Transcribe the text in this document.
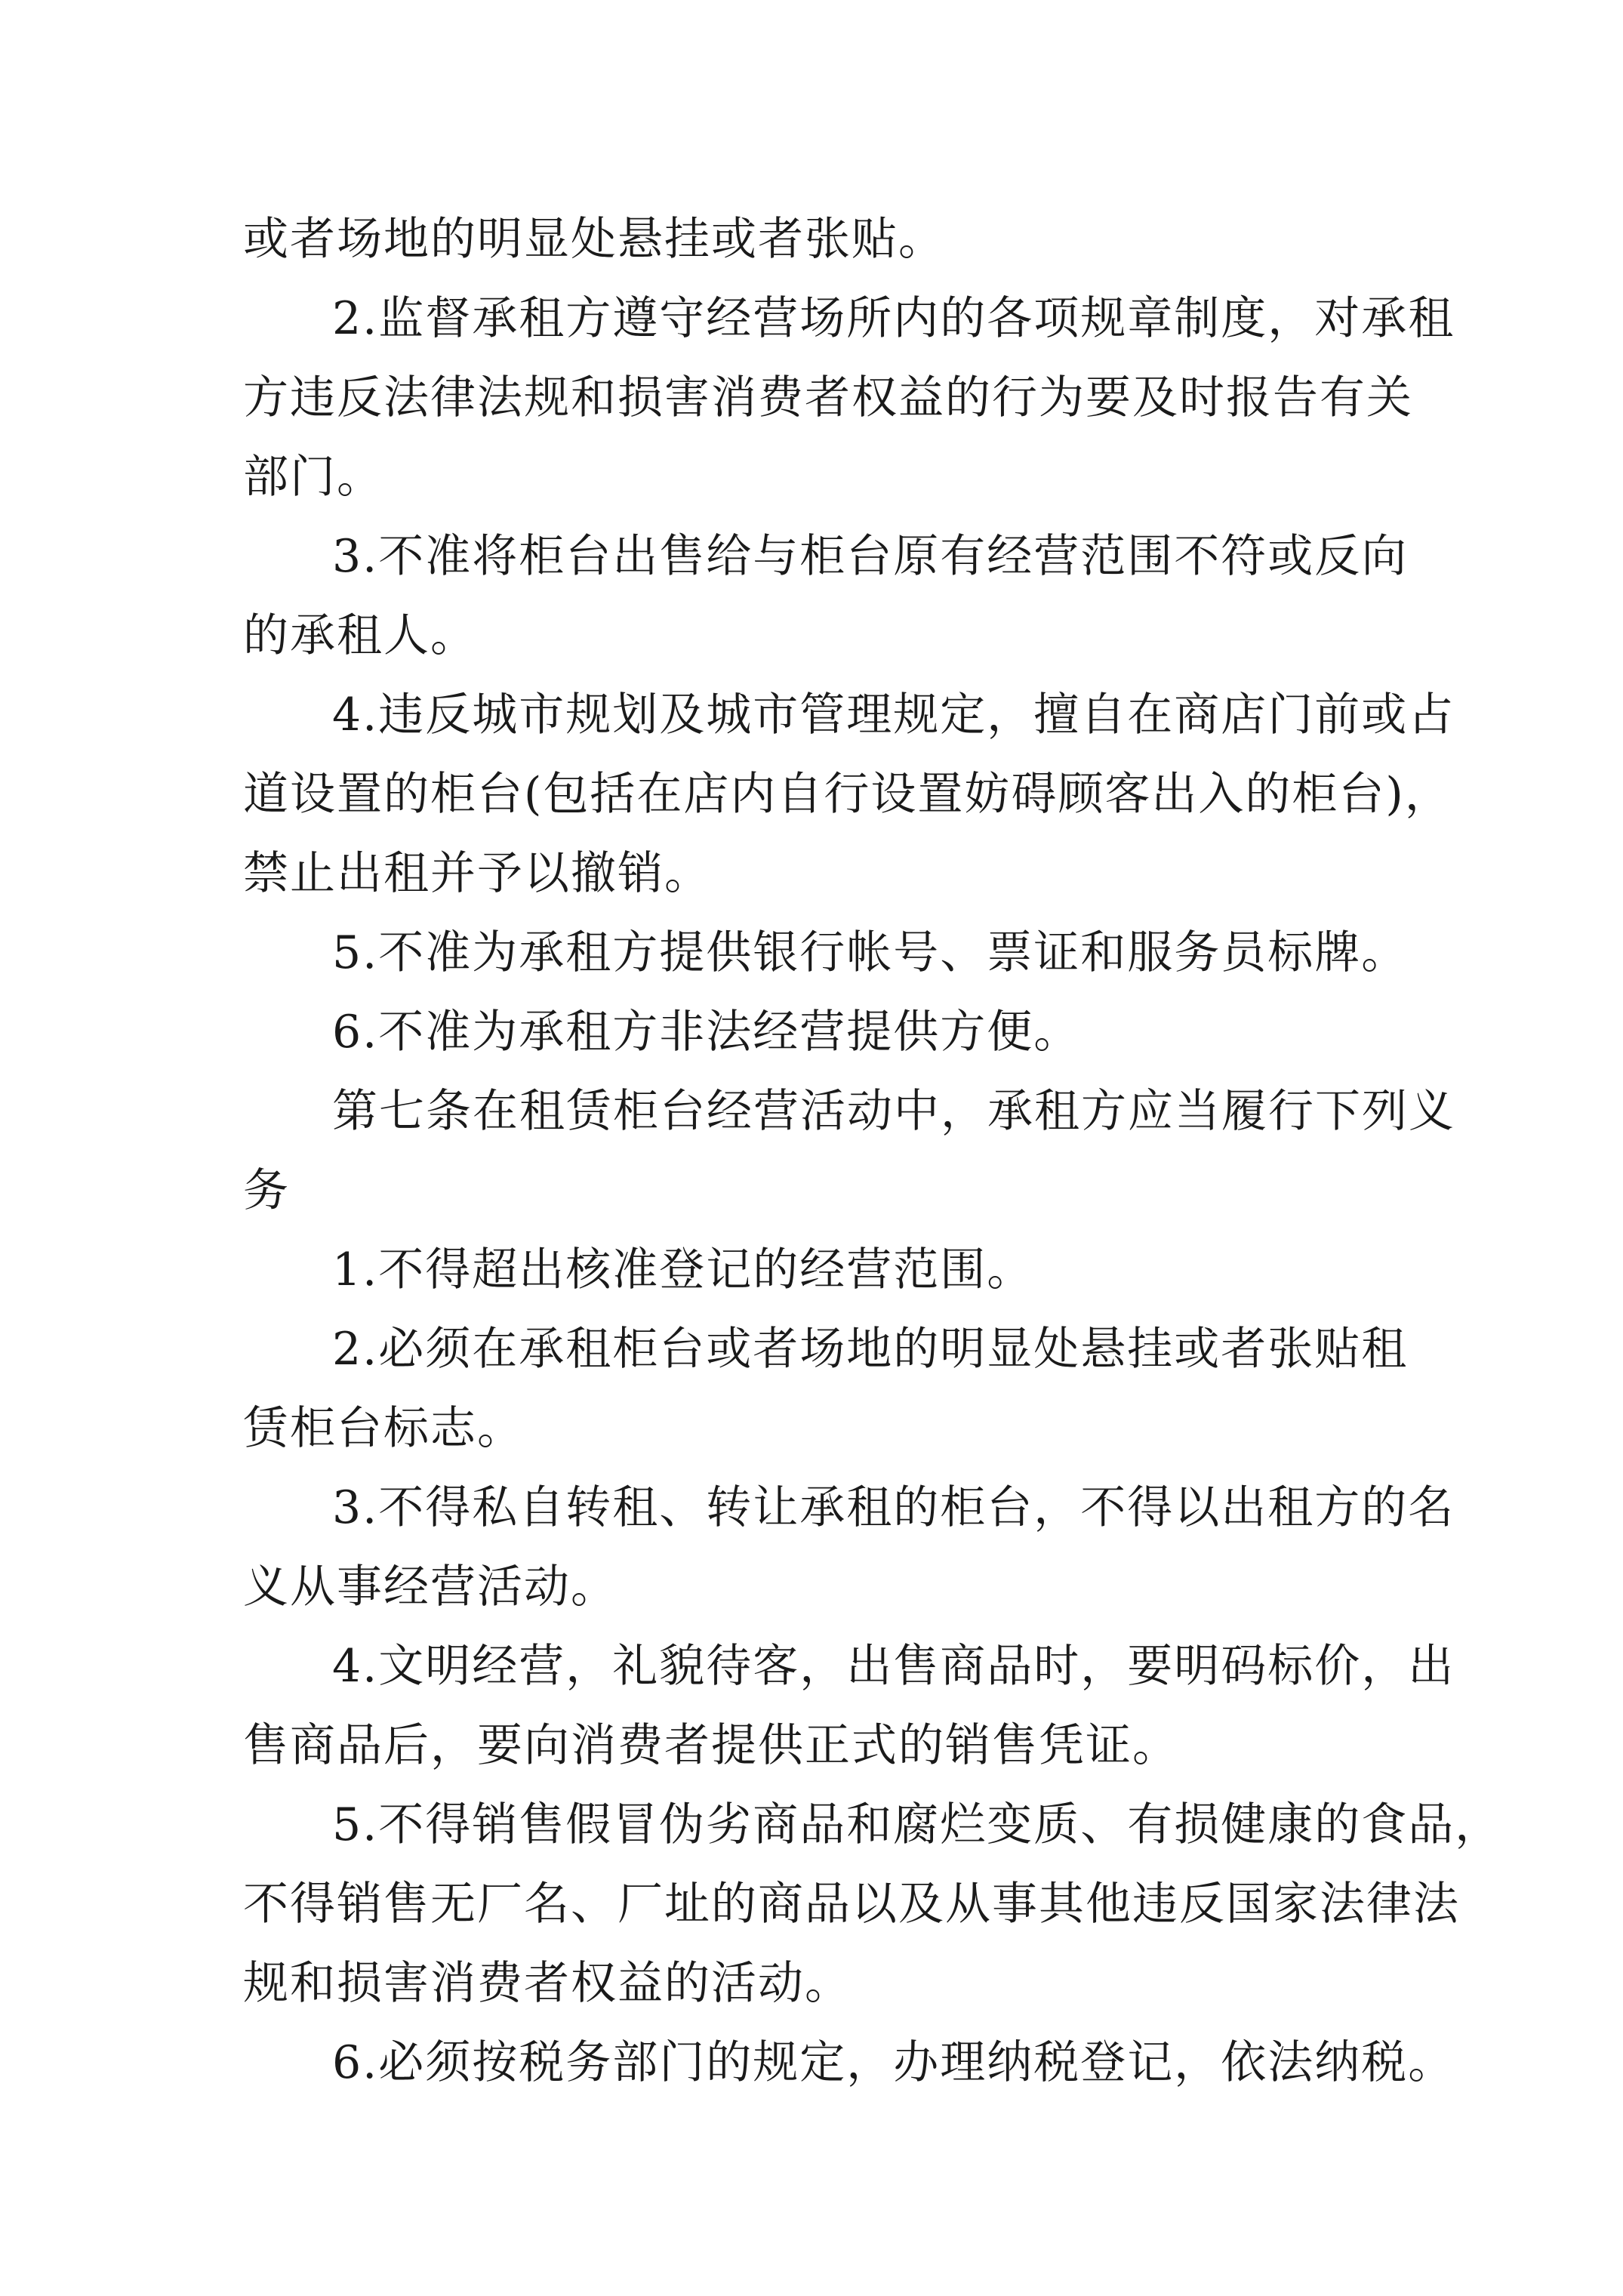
或者场地的明显处悬挂或者张贴。
2.监督承租方遵守经营场所内的各项规章制度，对承租
方违反法律法规和损害消费者权益的行为要及时报告有关
部门。
3.不准将柜台出售给与柜台原有经营范围不符或反向
的承租人。
4.违反城市规划及城市管理规定，擅自在商店门前或占
道设置的柜台(包括在店内自行设置妨碍顾客出入的柜台)，
禁止出租并予以撤销。
5.不准为承租方提供银行帐号、票证和服务员标牌。
6.不准为承租方非法经营提供方便。
第七条在租赁柜台经营活动中，承租方应当履行下列义
务
1.不得超出核准登记的经营范围。
2.必须在承租柜台或者场地的明显处悬挂或者张贴租
赁柜台标志。
3.不得私自转租、转让承租的柜台，不得以出租方的名
义从事经营活动。
4.文明经营，礼貌待客，出售商品时，要明码标价，出
售商品后，要向消费者提供正式的销售凭证。
5.不得销售假冒伪劣商品和腐烂变质、有损健康的食品，
不得销售无厂名、厂址的商品以及从事其他违反国家法律法
规和损害消费者权益的活动。
6.必须按税务部门的规定，办理纳税登记，依法纳税。
